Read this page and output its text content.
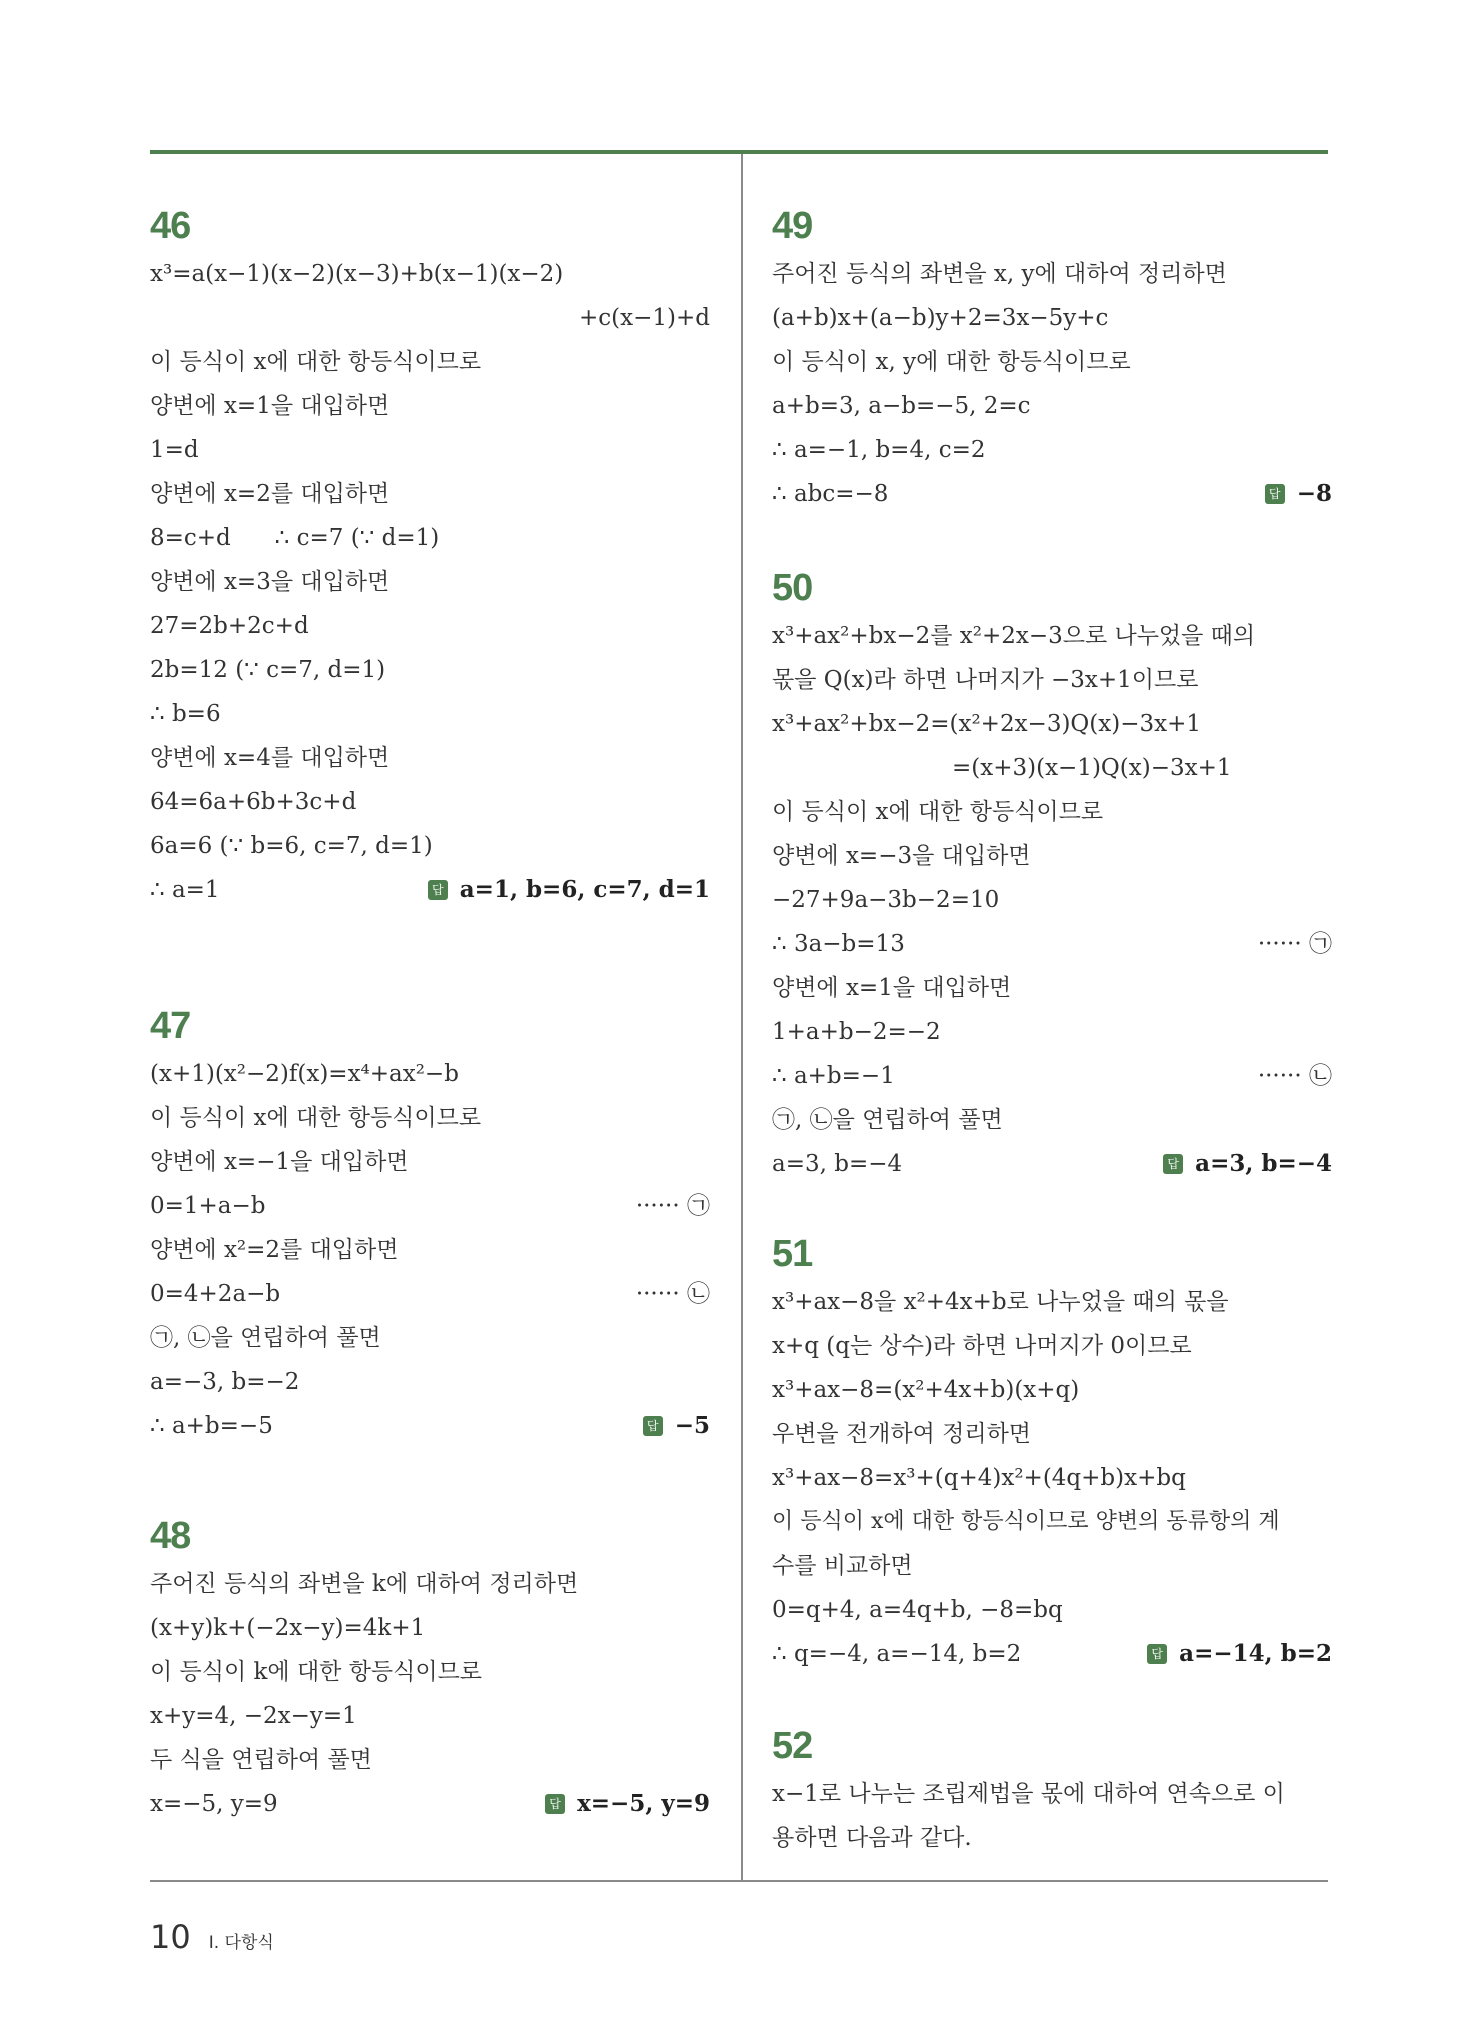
46
x³=a(x−1)(x−2)(x−3)+b(x−1)(x−2)
+c(x−1)+d
이 등식이 x에 대한 항등식이므로
양변에 x=1을 대입하면
1=d
양변에 x=2를 대입하면
8=c+d      ∴ c=7 (∵ d=1)
양변에 x=3을 대입하면
27=2b+2c+d
2b=12 (∵ c=7, d=1)
∴ b=6
양변에 x=4를 대입하면
64=6a+6b+3c+d
6a=6 (∵ b=6, c=7, d=1)
∴ a=1	답 a=1, b=6, c=7, d=1
47
(x+1)(x²−2)f(x)=x⁴+ax²−b
이 등식이 x에 대한 항등식이므로
양변에 x=−1을 대입하면
0=1+a−b	······ ㉠
양변에 x²=2를 대입하면
0=4+2a−b	······ ㉡
㉠, ㉡을 연립하여 풀면
a=−3, b=−2
∴ a+b=−5	답 −5
48
주어진 등식의 좌변을 k에 대하여 정리하면
(x+y)k+(−2x−y)=4k+1
이 등식이 k에 대한 항등식이므로
x+y=4, −2x−y=1
두 식을 연립하여 풀면
x=−5, y=9	답 x=−5, y=9
49
주어진 등식의 좌변을 x, y에 대하여 정리하면
(a+b)x+(a−b)y+2=3x−5y+c
이 등식이 x, y에 대한 항등식이므로
a+b=3, a−b=−5, 2=c
∴ a=−1, b=4, c=2
∴ abc=−8	답 −8
50
x³+ax²+bx−2를 x²+2x−3으로 나누었을 때의
몫을 Q(x)라 하면 나머지가 −3x+1이므로
x³+ax²+bx−2=(x²+2x−3)Q(x)−3x+1
=(x+3)(x−1)Q(x)−3x+1
이 등식이 x에 대한 항등식이므로
양변에 x=−3을 대입하면
−27+9a−3b−2=10
∴ 3a−b=13	······ ㉠
양변에 x=1을 대입하면
1+a+b−2=−2
∴ a+b=−1	······ ㉡
㉠, ㉡을 연립하여 풀면
a=3, b=−4	답 a=3, b=−4
51
x³+ax−8을 x²+4x+b로 나누었을 때의 몫을
x+q (q는 상수)라 하면 나머지가 0이므로
x³+ax−8=(x²+4x+b)(x+q)
우변을 전개하여 정리하면
x³+ax−8=x³+(q+4)x²+(4q+b)x+bq
이 등식이 x에 대한 항등식이므로 양변의 동류항의 계
수를 비교하면
0=q+4, a=4q+b, −8=bq
∴ q=−4, a=−14, b=2	답 a=−14, b=2
52
x−1로 나누는 조립제법을 몫에 대하여 연속으로 이
용하면 다음과 같다.
10 Ⅰ. 다항식
